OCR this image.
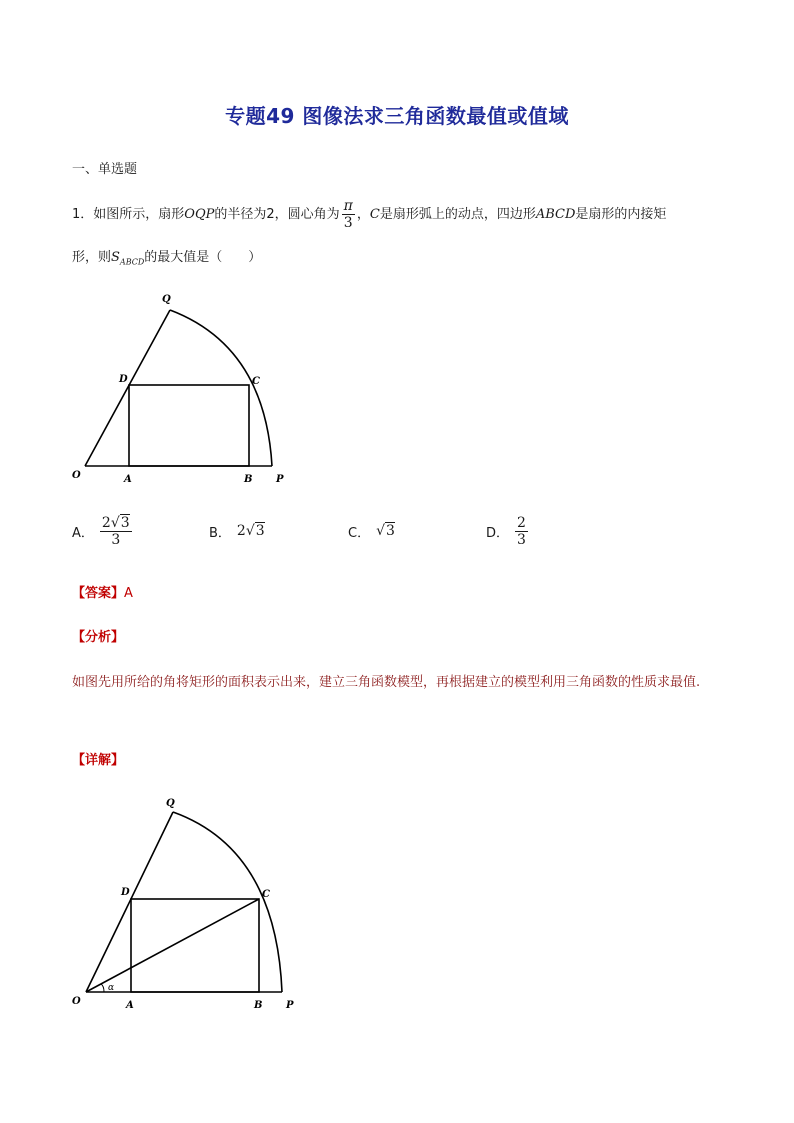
专题49 图像法求三角函数最值或值域
一、单选题
1．如图所示，扇形OQP的半径为2，圆心角为 $\frac{\pi}{3}$ ，C是扇形弧上的动点，四边形ABCD是扇形的内接矩
形，则$S_{ABCD}$的最大值是（　　）
Q
D	C
O	A	B P
A． $\frac{2√3}{3}$	B． 2√3	C． √3	D． $\frac{2}{3}$
【答案】A
【分析】
如图先用所给的角将矩形的面积表示出来，建立三角函数模型，再根据建立的模型利用三角函数的性质求最值.
【详解】
Q
D	C
O	A	B P
α
